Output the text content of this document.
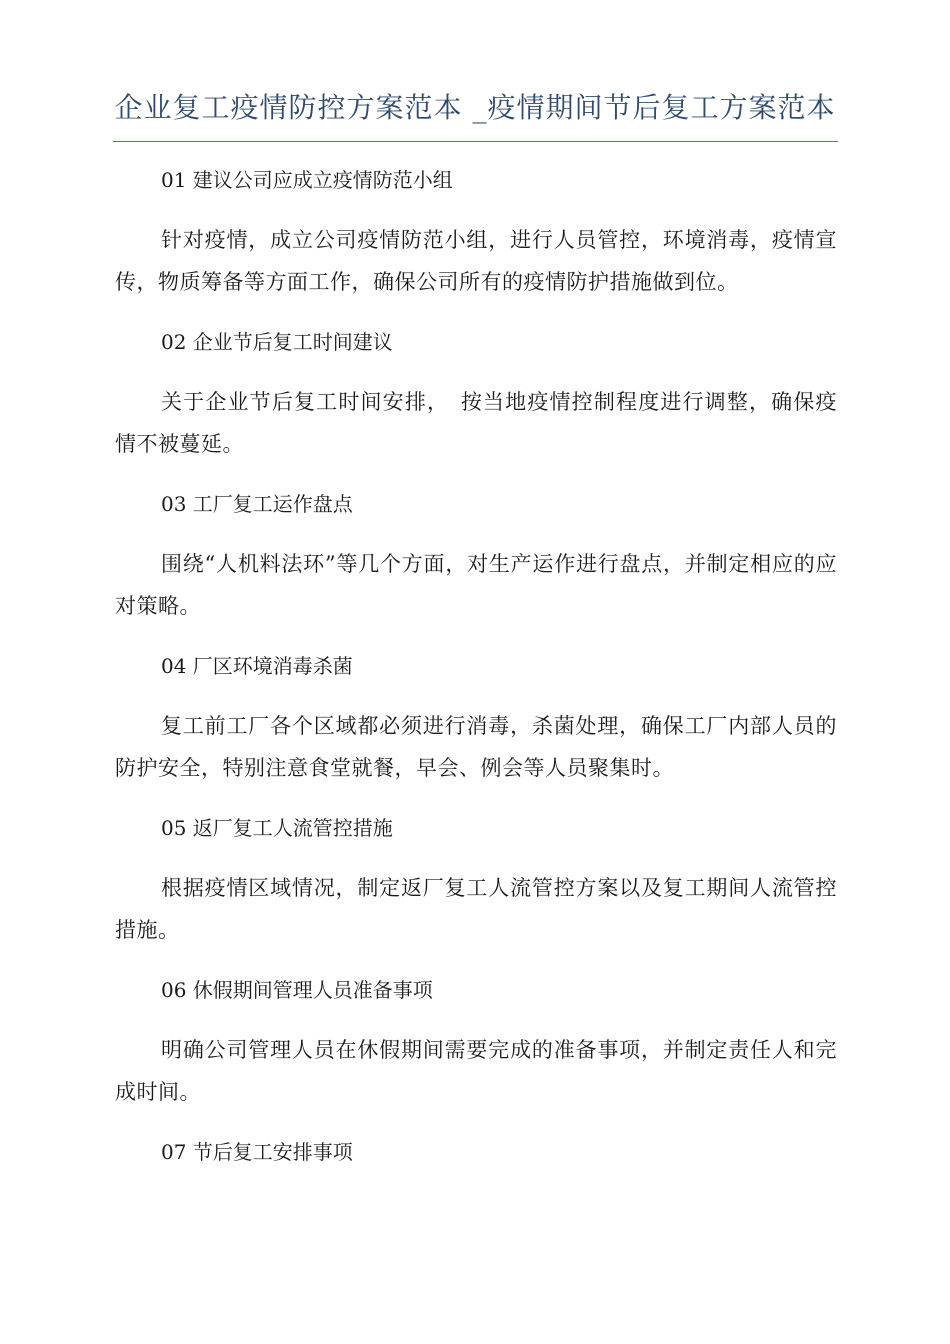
企业复工疫情防控方案范本 _疫情期间节后复工方案范本
01 建议公司应成立疫情防范小组
针对疫情，成立公司疫情防范小组，进行人员管控，环境消毒，疫情宣传，物质筹备等方面工作，确保公司所有的疫情防护措施做到位。
02 企业节后复工时间建议
关于企业节后复工时间安排，　按当地疫情控制程度进行调整，确保疫情不被蔓延。
03 工厂复工运作盘点
围绕“人机料法环”等几个方面，对生产运作进行盘点，并制定相应的应对策略。
04 厂区环境消毒杀菌
复工前工厂各个区域都必须进行消毒，杀菌处理，确保工厂内部人员的防护安全，特别注意食堂就餐，早会、例会等人员聚集时。
05 返厂复工人流管控措施
根据疫情区域情况，制定返厂复工人流管控方案以及复工期间人流管控措施。
06 休假期间管理人员准备事项
明确公司管理人员在休假期间需要完成的准备事项，并制定责任人和完成时间。
07 节后复工安排事项
